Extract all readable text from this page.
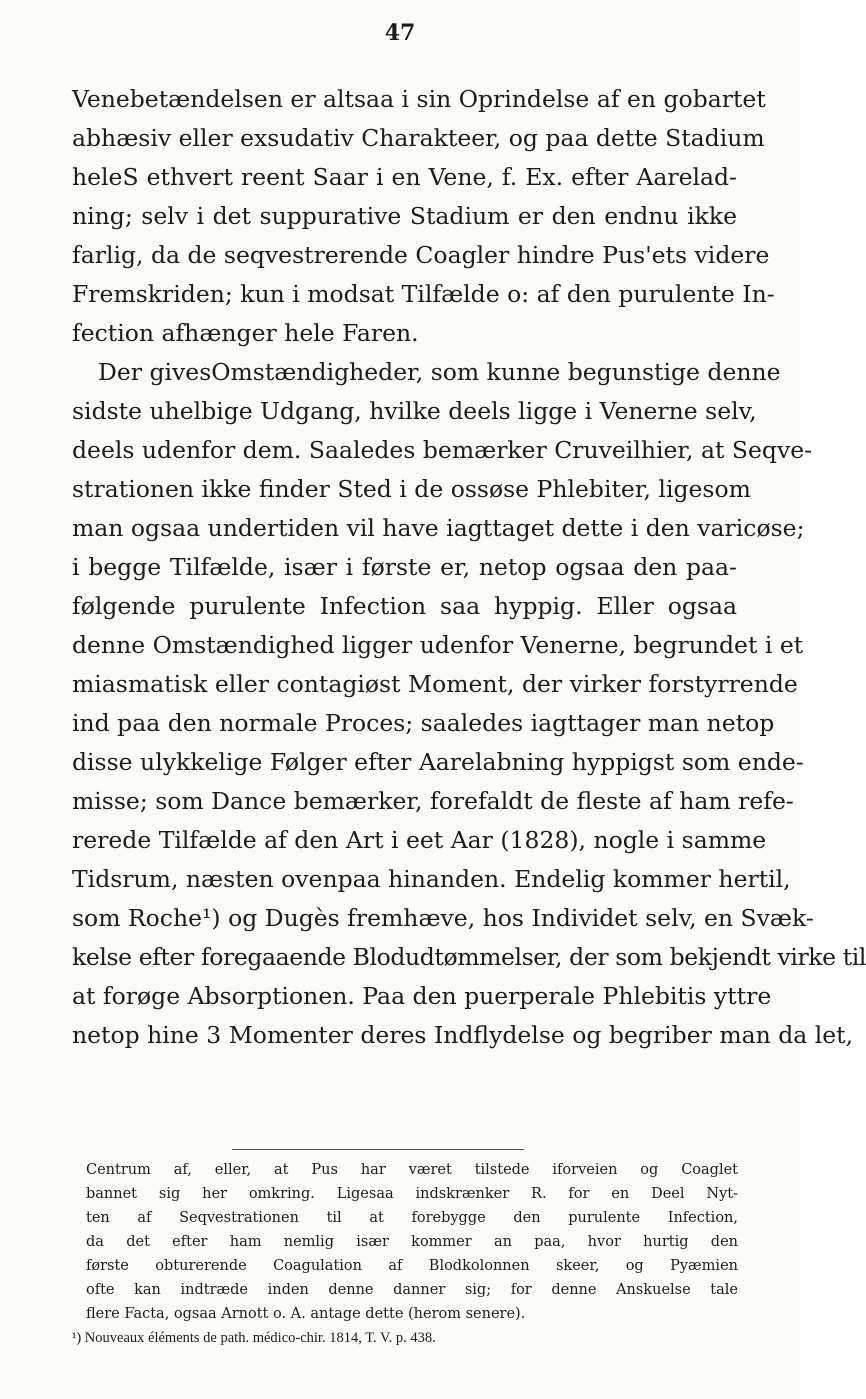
47
Venebetændelsen er altsaa i sin Oprindelse af en gobartet
abhæsiv eller exsudativ Charakteer, og paa dette Stadium
heleS ethvert reent Saar i en Vene, f. Ex. efter Aarelad-
ning; selv i det suppurative Stadium er den endnu ikke
farlig, da de seqvestrerende Coagler hindre Pus'ets videre
Fremskriden; kun i modsat Tilfælde o: af den purulente In-
fection afhænger hele Faren.
Der givesOmstændigheder, som kunne begunstige denne
sidste uhelbige Udgang, hvilke deels ligge i Venerne selv,
deels udenfor dem. Saaledes bemærker Cruveilhier, at Seqve-
strationen ikke finder Sted i de ossøse Phlebiter, ligesom
man ogsaa undertiden vil have iagttaget dette i den varicøse;
i begge Tilfælde, især i første er, netop ogsaa den paa-
følgende purulente Infection saa hyppig. Eller ogsaa
denne Omstændighed ligger udenfor Venerne, begrundet i et
miasmatisk eller contagiøst Moment, der virker forstyrrende
ind paa den normale Proces; saaledes iagttager man netop
disse ulykkelige Følger efter Aarelabning hyppigst som ende-
misse; som Dance bemærker, forefaldt de fleste af ham refe-
rerede Tilfælde af den Art i eet Aar (1828), nogle i samme
Tidsrum, næsten ovenpaa hinanden. Endelig kommer hertil,
som Roche¹) og Dugès fremhæve, hos Individet selv, en Svæk-
kelse efter foregaaende Blodudtømmelser, der som bekjendt virke til
at forøge Absorptionen. Paa den puerperale Phlebitis yttre
netop hine 3 Momenter deres Indflydelse og begriber man da let,
Centrum af, eller, at Pus har været tilstede iforveien og Coaglet
bannet sig her omkring. Ligesaa indskrænker R. for en Deel Nyt-
ten af Seqvestrationen til at forebygge den purulente Infection,
da det efter ham nemlig især kommer an paa, hvor hurtig den
første obturerende Coagulation af Blodkolonnen skeer, og Pyæmien
ofte kan indtræde inden denne danner sig; for denne Anskuelse tale
flere Facta, ogsaa Arnott o. A. antage dette (herom senere).
¹) Nouveaux éléments de path. médico-chir. 1814, T. V. p. 438.
